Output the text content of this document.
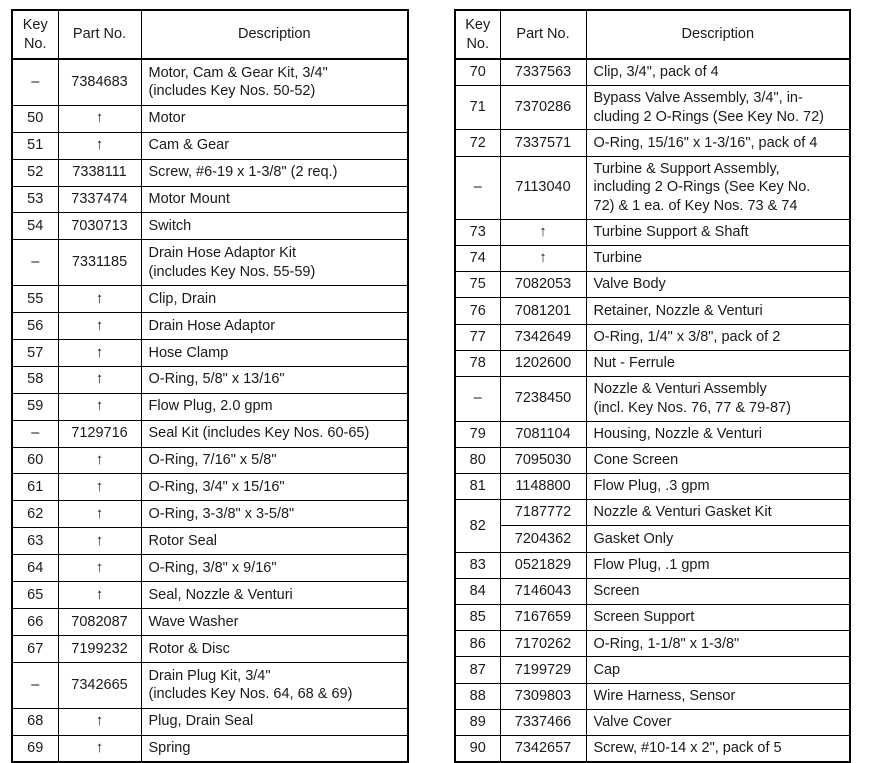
Key
No.	Part No.	Description
–	7384683	Motor, Cam & Gear Kit, 3/4"
(includes Key Nos. 50-52)

50	↑	Motor

51	↑	Cam & Gear

52	7338111	Screw, #6-19 x 1-3/8" (2 req.)

53	7337474	Motor Mount

54	7030713	Switch

–	7331185	Drain Hose Adaptor Kit
(includes Key Nos. 55-59)

55	↑	Clip, Drain

56	↑	Drain Hose Adaptor

57	↑	Hose Clamp

58	↑	O-Ring, 5/8" x 13/16"

59	↑	Flow Plug, 2.0 gpm

–	7129716	Seal Kit (includes Key Nos. 60-65)

60	↑	O-Ring, 7/16" x 5/8"

61	↑	O-Ring, 3/4" x 15/16"

62	↑	O-Ring, 3-3/8" x 3-5/8"

63	↑	Rotor Seal

64	↑	O-Ring, 3/8" x 9/16"

65	↑	Seal, Nozzle & Venturi

66	7082087	Wave Washer

67	7199232	Rotor & Disc

–	7342665	Drain Plug Kit, 3/4"
(includes Key Nos. 64, 68 & 69)

68	↑	Plug, Drain Seal

69	↑	Spring
Key
No.	Part No.	Description
70	7337563	Clip, 3/4", pack of 4

71	7370286	Bypass Valve Assembly, 3/4", in-
cluding 2 O-Rings (See Key No. 72)

72	7337571	O-Ring, 15/16" x 1-3/16", pack of 4

–	7113040	Turbine & Support Assembly,
including 2 O-Rings (See Key No.
72) & 1 ea. of Key Nos. 73 & 74

73	↑	Turbine Support & Shaft

74	↑	Turbine

75	7082053	Valve Body

76	7081201	Retainer, Nozzle & Venturi

77	7342649	O-Ring, 1/4" x 3/8", pack of 2

78	1202600	Nut - Ferrule

–	7238450	Nozzle & Venturi Assembly
(incl. Key Nos. 76, 77 & 79-87)

79	7081104	Housing, Nozzle & Venturi

80	7095030	Cone Screen

81	1148800	Flow Plug, .3 gpm

82	7187772	Nozzle & Venturi Gasket Kit

	7204362	Gasket Only

83	0521829	Flow Plug, .1 gpm

84	7146043	Screen

85	7167659	Screen Support

86	7170262	O-Ring, 1-1/8" x 1-3/8"

87	7199729	Cap

88	7309803	Wire Harness, Sensor

89	7337466	Valve Cover

90	7342657	Screw, #10-14 x 2", pack of 5
